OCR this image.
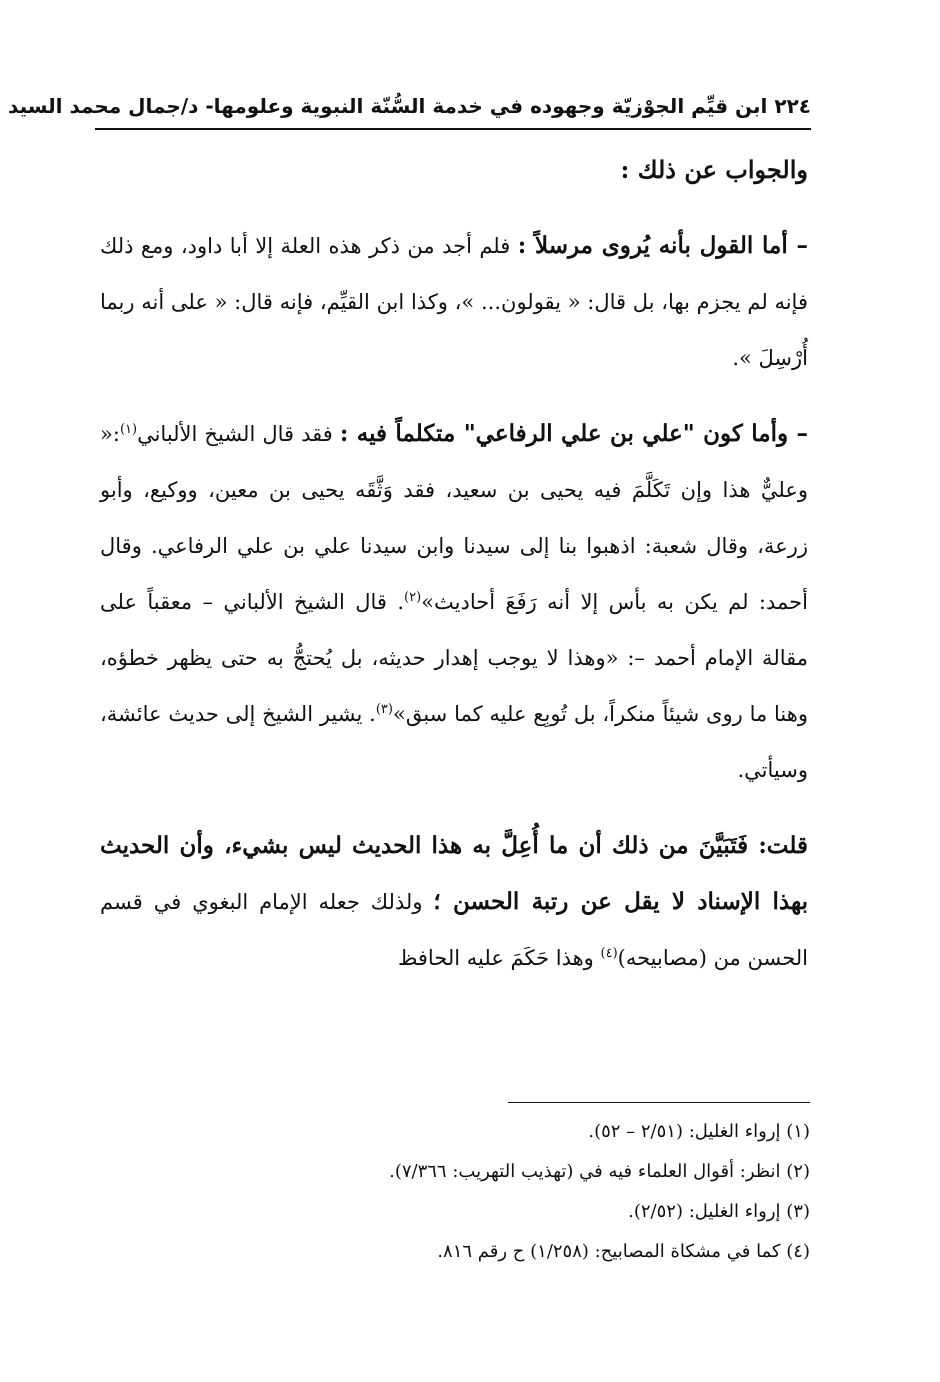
٢٢٤ ابن قيِّم الجوْزيّة وجهوده في خدمة السُّنّة النبوية وعلومها- د/جمال محمد السيد

والجواب عن ذلك :

– أما القول بأنه يُروى مرسلاً : فلم أجد من ذكر هذه العلة إلا أبا داود، ومع ذلك فإنه لم يجزم بها، بل قال: « يقولون... »، وكذا ابن القيِّم، فإنه قال: « على أنه ربما أُرْسِلَ ».

– وأما كون "علي بن علي الرفاعي" متكلماً فيه : فقد قال الشيخ الألباني$^{(١)}$:« وعليٌّ هذا وإن تَكَلَّمَ فيه يحيى بن سعيد، فقد وَثَّقَه يحيى بن معين، ووكيع، وأبو زرعة، وقال شعبة: اذهبوا بنا إلى سيدنا وابن سيدنا علي بن علي الرفاعي. وقال أحمد: لم يكن به بأس إلا أنه رَفَعَ أحاديث»$^{(٢)}$. قال الشيخ الألباني – معقباً على مقالة الإمام أحمد –: «وهذا لا يوجب إهدار حديثه، بل يُحتجُّ به حتى يظهر خطؤه، وهنا ما روى شيئاً منكراً، بل تُوبِع عليه كما سبق»$^{(٣)}$. يشير الشيخ إلى حديث عائشة، وسيأتي.

قلت: فَتَبَيَّنَ من ذلك أن ما أُعِلَّ به هذا الحديث ليس بشيء، وأن الحديث بهذا الإسناد لا يقل عن رتبة الحسن ؛ ولذلك جعله الإمام البغوي في قسم الحسن من (مصابيحه)$^{(٤)}$ وهذا حَكَمَ عليه الحافظ

(١) إرواء الغليل: (٢/٥١ – ٥٢).

(٢) انظر: أقوال العلماء فيه في (تهذيب التهريب: ٧/٣٦٦).

(٣) إرواء الغليل: (٢/٥٢).

(٤) كما في مشكاة المصابيح: (١/٢٥٨) ح رقم ٨١٦.
